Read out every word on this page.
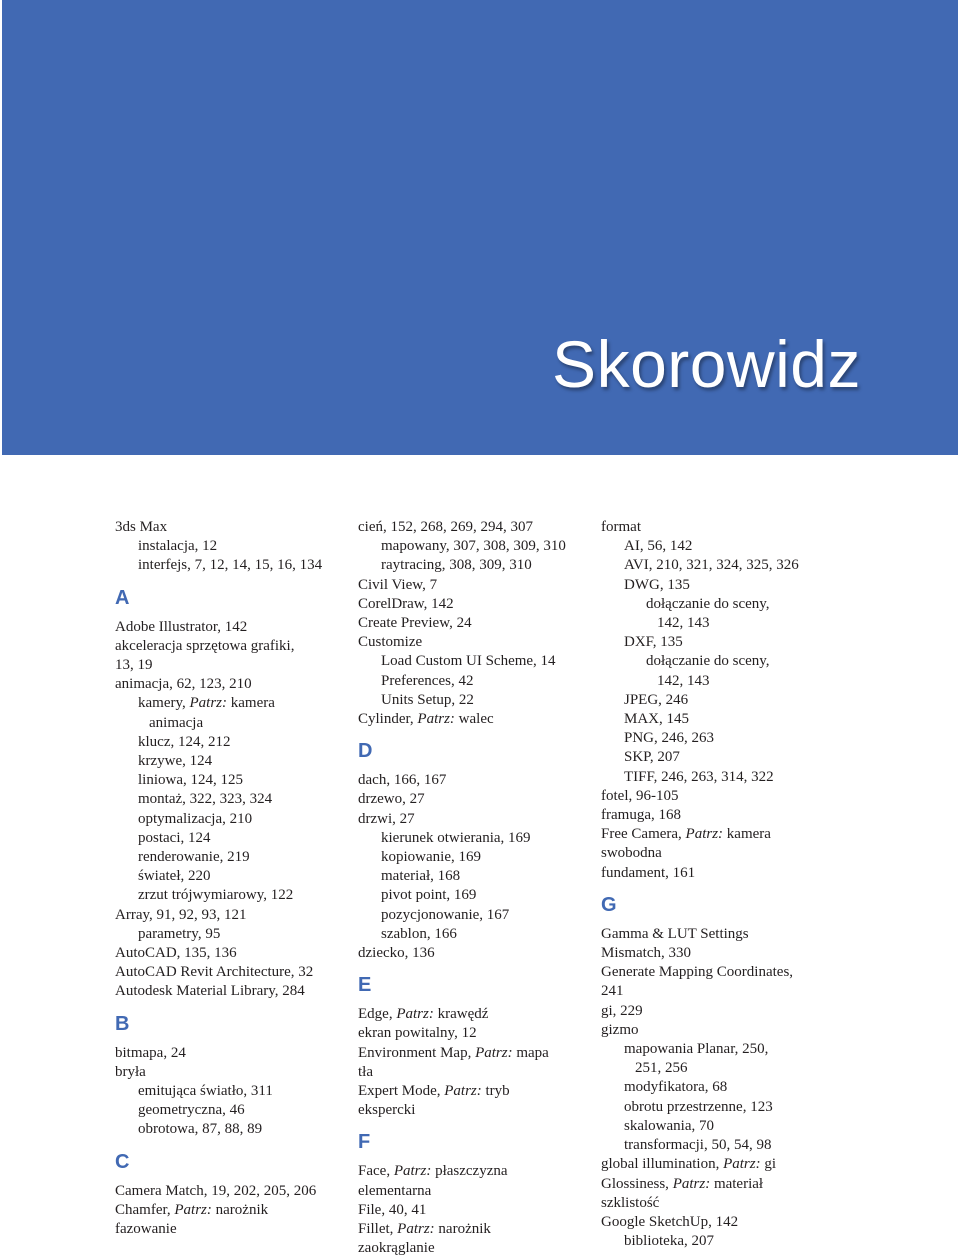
Skorowidz
3ds Max
instalacja, 12
interfejs, 7, 12, 14, 15, 16, 134
A
Adobe Illustrator, 142
akceleracja sprzętowa grafiki,
13, 19
animacja, 62, 123, 210
kamery, Patrz: kamera
animacja
klucz, 124, 212
krzywe, 124
liniowa, 124, 125
montaż, 322, 323, 324
optymalizacja, 210
postaci, 124
renderowanie, 219
świateł, 220
zrzut trójwymiarowy, 122
Array, 91, 92, 93, 121
parametry, 95
AutoCAD, 135, 136
AutoCAD Revit Architecture, 32
Autodesk Material Library, 284
B
bitmapa, 24
bryła
emitująca światło, 311
geometryczna, 46
obrotowa, 87, 88, 89
C
Camera Match, 19, 202, 205, 206
Chamfer, Patrz: narożnik
fazowanie
cień, 152, 268, 269, 294, 307
mapowany, 307, 308, 309, 310
raytracing, 308, 309, 310
Civil View, 7
CorelDraw, 142
Create Preview, 24
Customize
Load Custom UI Scheme, 14
Preferences, 42
Units Setup, 22
Cylinder, Patrz: walec
D
dach, 166, 167
drzewo, 27
drzwi, 27
kierunek otwierania, 169
kopiowanie, 169
materiał, 168
pivot point, 169
pozycjonowanie, 167
szablon, 166
dziecko, 136
E
Edge, Patrz: krawędź
ekran powitalny, 12
Environment Map, Patrz: mapa
tła
Expert Mode, Patrz: tryb
ekspercki
F
Face, Patrz: płaszczyzna
elementarna
File, 40, 41
Fillet, Patrz: narożnik
zaokrąglanie
format
AI, 56, 142
AVI, 210, 321, 324, 325, 326
DWG, 135
dołączanie do sceny,
142, 143
DXF, 135
dołączanie do sceny,
142, 143
JPEG, 246
MAX, 145
PNG, 246, 263
SKP, 207
TIFF, 246, 263, 314, 322
fotel, 96-105
framuga, 168
Free Camera, Patrz: kamera
swobodna
fundament, 161
G
Gamma & LUT Settings
Mismatch, 330
Generate Mapping Coordinates,
241
gi, 229
gizmo
mapowania Planar, 250,
251, 256
modyfikatora, 68
obrotu przestrzenne, 123
skalowania, 70
transformacji, 50, 54, 98
global illumination, Patrz: gi
Glossiness, Patrz: materiał
szklistość
Google SketchUp, 142
biblioteka, 207
